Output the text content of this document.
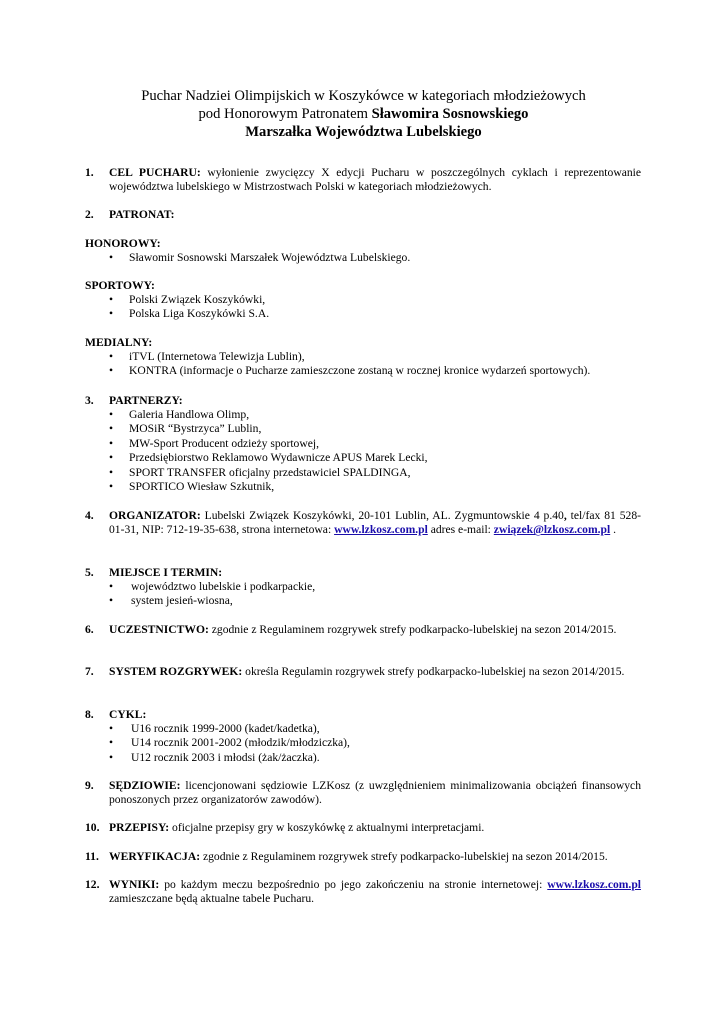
Puchar Nadziei Olimpijskich w Koszykówce w kategoriach młodzieżowych
pod Honorowym Patronatem Sławomira Sosnowskiego
Marszałka Województwa Lubelskiego
1.	CEL PUCHARU: wyłonienie zwycięzcy X edycji Pucharu w poszczególnych cyklach i reprezentowanie województwa lubelskiego w Mistrzostwach Polski w kategoriach młodzieżowych.
2.	PATRONAT:
HONOROWY:
• Sławomir Sosnowski Marszałek Województwa Lubelskiego.
SPORTOWY:
• Polski Związek Koszykówki,
• Polska Liga Koszykówki S.A.
MEDIALNY:
• iTVL (Internetowa Telewizja Lublin),
• KONTRA (informacje o Pucharze zamieszczone zostaną w rocznej kronice wydarzeń sportowych).
3.	PARTNERZY:
• Galeria Handlowa Olimp,
• MOSiR “Bystrzyca” Lublin,
• MW-Sport Producent odzieży sportowej,
• Przedsiębiorstwo Reklamowo Wydawnicze APUS Marek Lecki,
• SPORT TRANSFER oficjalny przedstawiciel SPALDINGA,
• SPORTICO Wiesław Szkutnik,
4.	ORGANIZATOR: Lubelski Związek Koszykówki, 20-101 Lublin, AL. Zygmuntowskie 4 p.40, tel/fax 81 528-01-31, NIP: 712-19-35-638, strona internetowa: www.lzkosz.com.pl adres e-mail: związek@lzkosz.com.pl .
5.	MIEJSCE I TERMIN:
• województwo lubelskie i podkarpackie,
• system jesień-wiosna,
6.	UCZESTNICTWO: zgodnie z Regulaminem rozgrywek strefy podkarpacko-lubelskiej na sezon 2014/2015.
7.	SYSTEM ROZGRYWEK: określa Regulamin rozgrywek strefy podkarpacko-lubelskiej na sezon 2014/2015.
8.	CYKL:
• U16 rocznik 1999-2000 (kadet/kadetka),
• U14 rocznik 2001-2002 (młodzik/młodziczka),
• U12 rocznik 2003 i młodsi (żak/żaczka).
9.	SĘDZIOWIE: licencjonowani sędziowie LZKosz (z uwzględnieniem minimalizowania obciążeń finansowych ponoszonych przez organizatorów zawodów).
10. PRZEPISY: oficjalne przepisy gry w koszykówkę z aktualnymi interpretacjami.
11. WERYFIKACJA: zgodnie z Regulaminem rozgrywek strefy podkarpacko-lubelskiej na sezon 2014/2015.
12. WYNIKI: po każdym meczu bezpośrednio po jego zakończeniu na stronie internetowej: www.lzkosz.com.pl zamieszczane będą aktualne tabele Pucharu.
